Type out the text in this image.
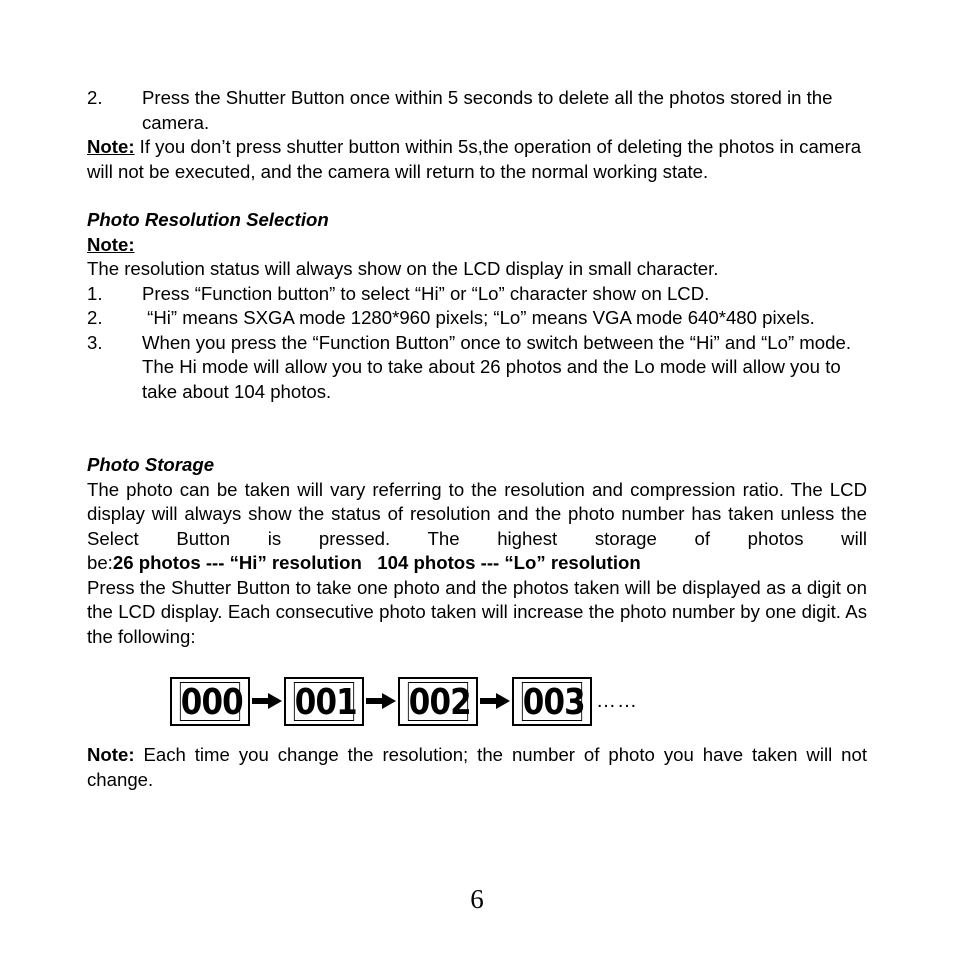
2.	Press the Shutter Button once within 5 seconds to delete all the photos stored in the camera.

Note: If you don’t press shutter button within 5s,the operation of deleting the photos in camera will not be executed, and the camera will return to the normal working state.

Photo Resolution Selection

Note:

The resolution status will always show on the LCD display in small character.

1.	Press “Function button” to select “Hi” or “Lo” character show on LCD.
2.	“Hi” means SXGA mode 1280*960 pixels; “Lo” means VGA mode 640*480 pixels.
3.	When you press the “Function Button” once to switch between the “Hi” and “Lo” mode. The Hi mode will allow you to take about 26 photos and the Lo mode will allow you to take about 104 photos.

Photo Storage

The photo can be taken will vary referring to the resolution and compression ratio. The LCD display will always show the status of resolution and the photo number has taken unless the Select Button is pressed. The highest storage of photos will be:26 photos --- “Hi” resolution   104 photos --- “Lo” resolution

Press the Shutter Button to take one photo and the photos taken will be displayed as a digit on the LCD display. Each consecutive photo taken will increase the photo number by one digit. As the following:

000 001 002 003 ……

Note: Each time you change the resolution; the number of photo you have taken will not change.

6
